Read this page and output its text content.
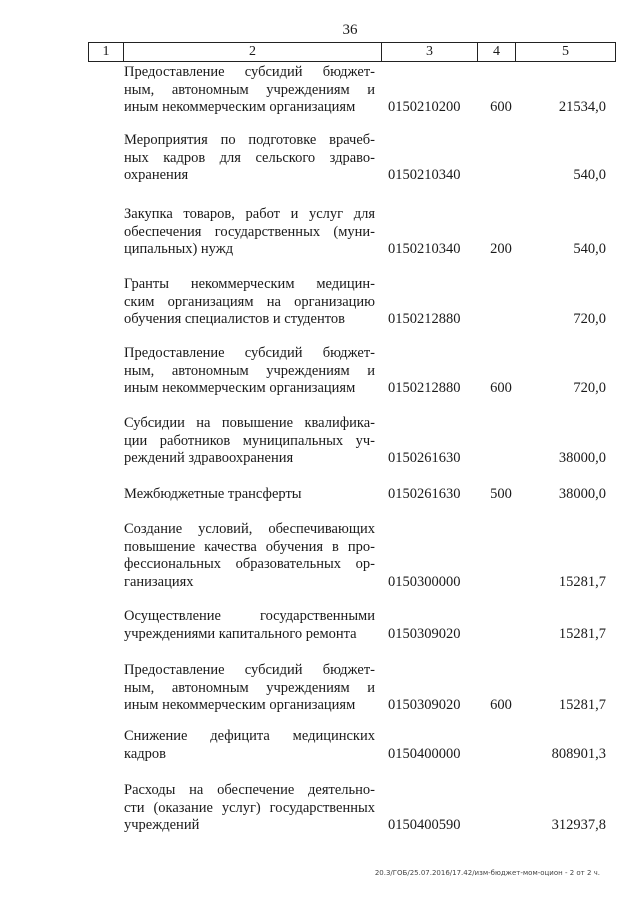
36
1	2	3	4	5
Предоставление субсидий бюджет-
ным, автономным учреждениям и
иным некоммерческим организациям	0150210200	600	21534,0
Мероприятия по подготовке врачеб-
ных кадров для сельского здраво-
охранения	0150210340	540,0
Закупка товаров, работ и услуг для
обеспечения государственных (муни-
ципальных) нужд	0150210340	200	540,0
Гранты некоммерческим медицин-
ским организациям на организацию
обучения специалистов и студентов	0150212880	720,0
Предоставление субсидий бюджет-
ным, автономным учреждениям и
иным некоммерческим организациям	0150212880	600	720,0
Субсидии на повышение квалифика-
ции работников муниципальных уч-
реждений здравоохранения	0150261630	38000,0
Межбюджетные трансферты	0150261630	500	38000,0
Создание условий, обеспечивающих
повышение качества обучения в про-
фессиональных образовательных ор-
ганизациях	0150300000	15281,7
Осуществление государственными
учреждениями капитального ремонта	0150309020	15281,7
Предоставление субсидий бюджет-
ным, автономным учреждениям и
иным некоммерческим организациям	0150309020	600	15281,7
Снижение дефицита медицинских
кадров	0150400000	808901,3
Расходы на обеспечение деятельно-
сти (оказание услуг) государственных
учреждений	0150400590	312937,8
20.3/ГОБ/25.07.2016/17.42/изм-бюджет-мом-оцион - 2 от 2 ч.
